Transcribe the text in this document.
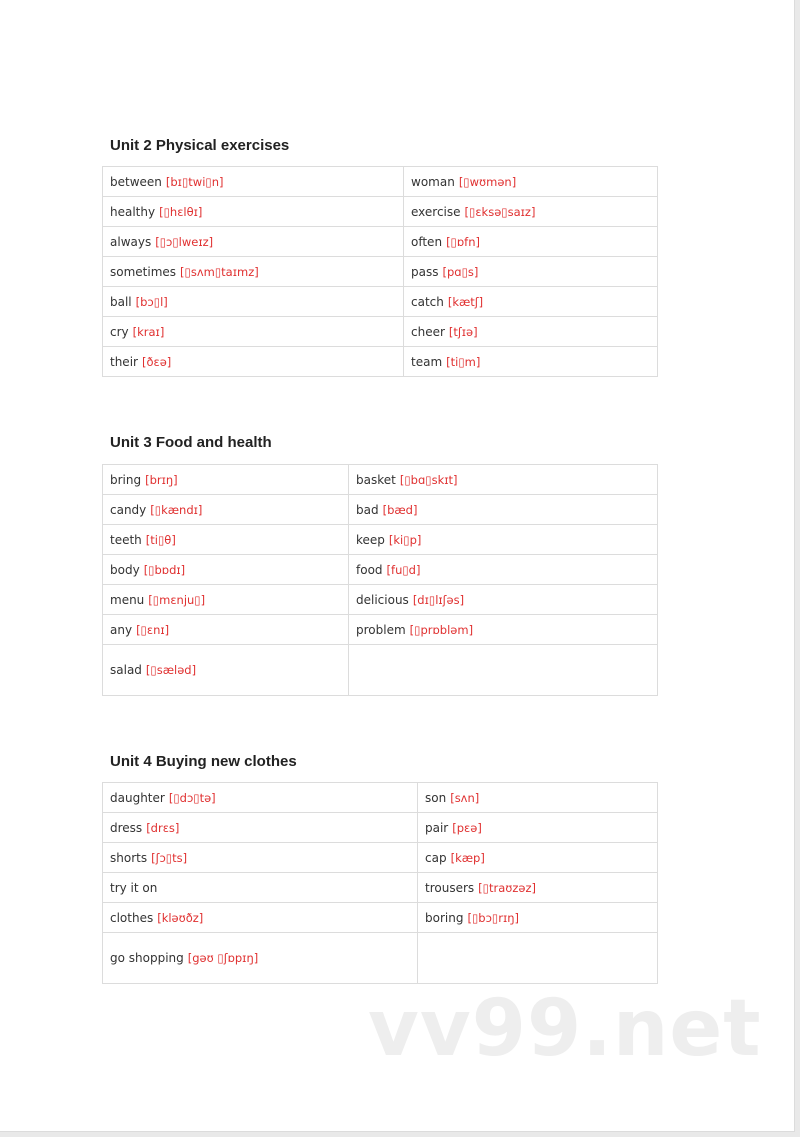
Unit 2 Physical exercises
between [bɪ▯twi▯n]	woman [▯wʊmən]
healthy [▯hɛlθɪ]	exercise [▯ɛksə▯saɪz]
always [▯ɔ▯lweɪz]	often [▯ɒfn]
sometimes [▯sʌm▯taɪmz]	pass [pɑ▯s]
ball [bɔ▯l]	catch [kætʃ]
cry [kraɪ]	cheer [tʃɪə]
their [ðɛə]	team [ti▯m]
Unit 3 Food and health
bring [brɪŋ]	basket [▯bɑ▯skɪt]
candy [▯kændɪ]	bad [bæd]
teeth [ti▯θ]	keep [ki▯p]
body [▯bɒdɪ]	food [fu▯d]
menu [▯mɛnju▯]	delicious [dɪ▯lɪʃəs]
any [▯ɛnɪ]	problem [▯prɒbləm]
salad [▯sæləd]	
Unit 4 Buying new clothes
daughter [▯dɔ▯tə]	son [sʌn]
dress [drɛs]	pair [pɛə]
shorts [ʃɔ▯ts]	cap [kæp]
try it on	trousers [▯traʊzəz]
clothes [kləʊðz]	boring [▯bɔ▯rɪŋ]
go shopping [gəʊ ▯ʃɒpɪŋ]	
vv99.net
